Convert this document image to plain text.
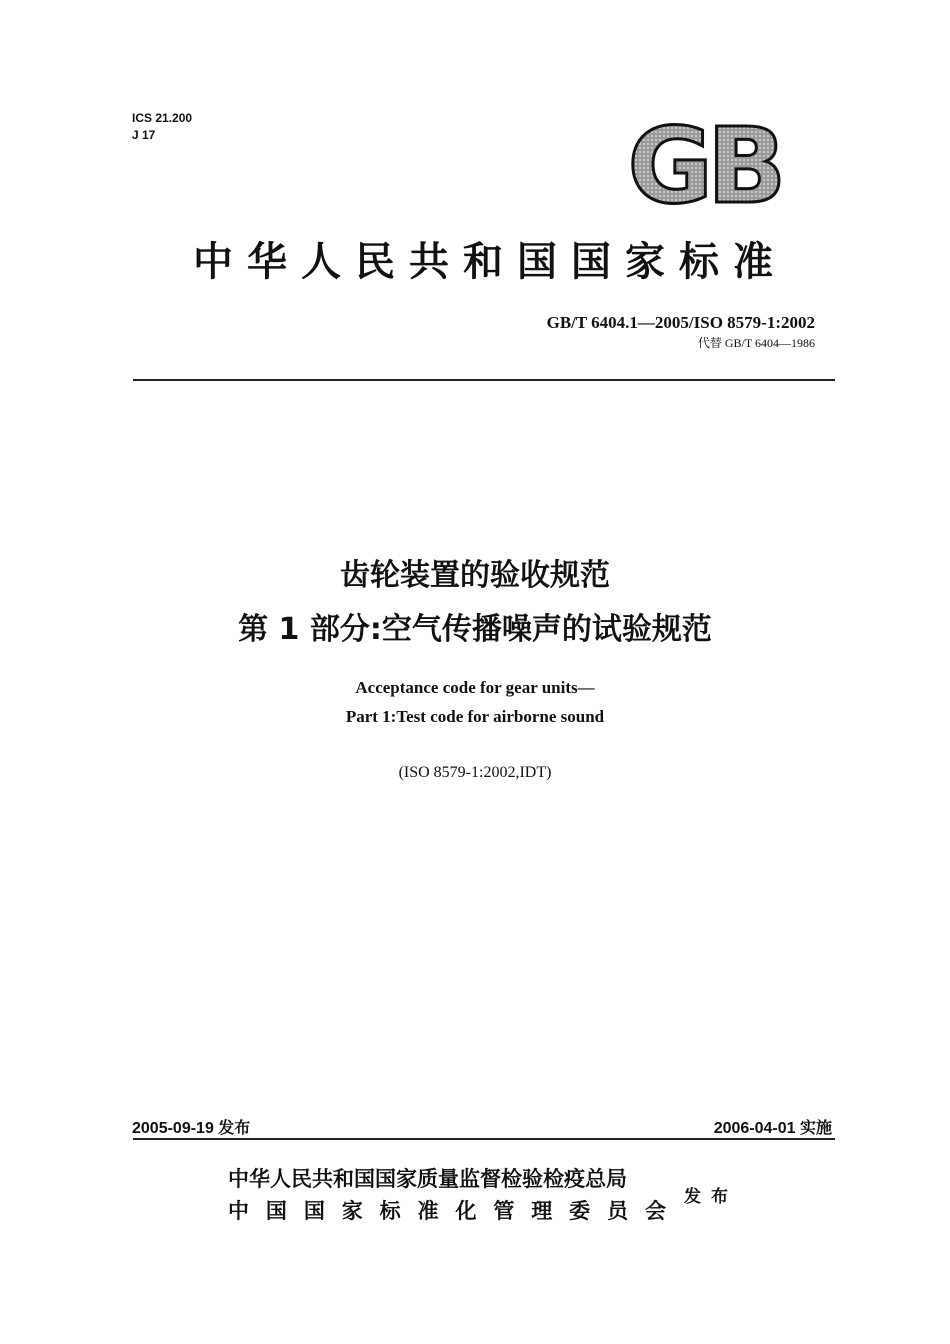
ICS 21.200
J 17	GB
中华人民共和国国家标准
GB/T 6404.1—2005/ISO 8579-1:2002
代替 GB/T 6404—1986
齿轮装置的验收规范
第 1 部分:空气传播噪声的试验规范
Acceptance code for gear units—
Part 1:Test code for airborne sound
(ISO 8579-1:2002,IDT)
2005-09-19 发布	2006-04-01 实施
中华人民共和国国家质量监督检验检疫总局
中 国 国 家 标 准 化 管 理 委 员 会
发布
